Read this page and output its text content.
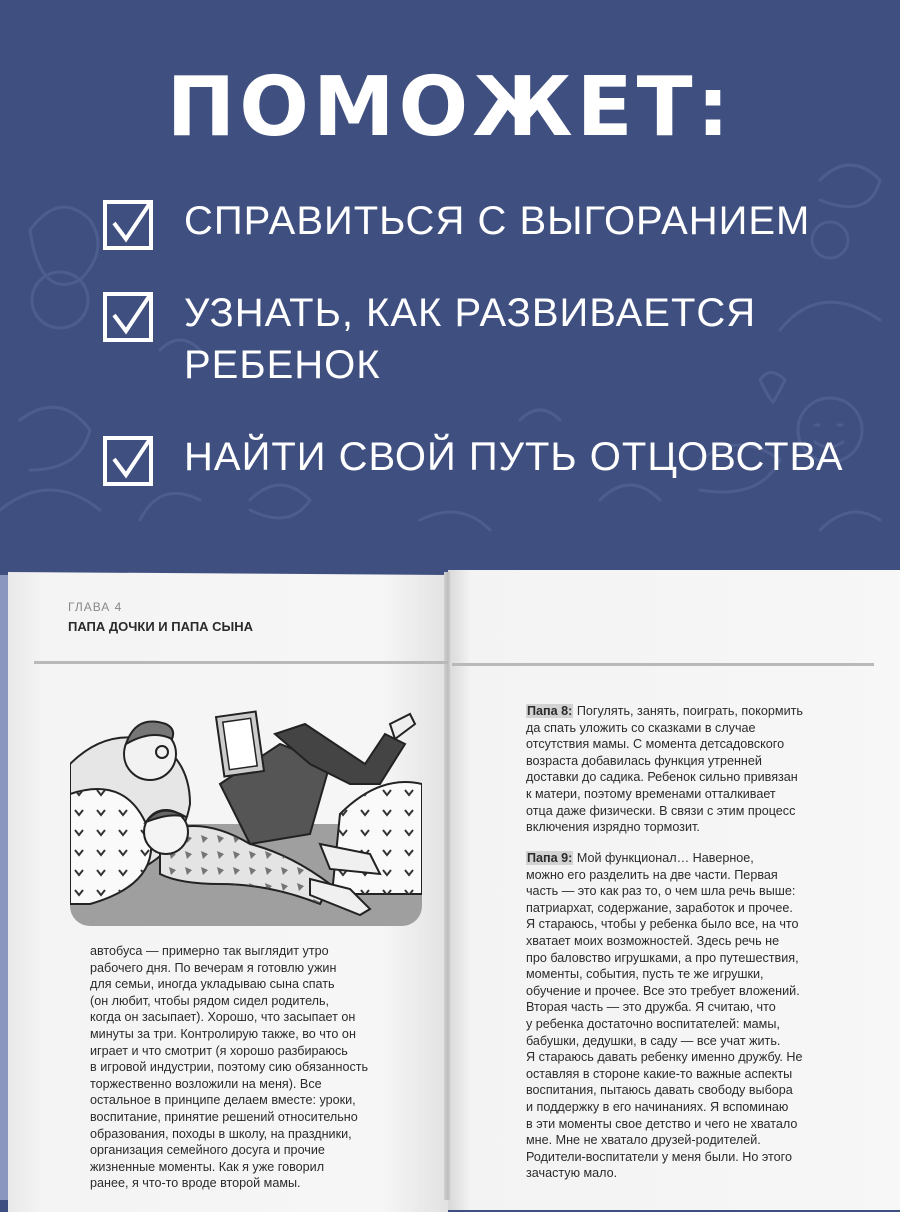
ПОМОЖЕТ:
СПРАВИТЬСЯ С ВЫГОРАНИЕМ
УЗНАТЬ, КАК РАЗВИВАЕТСЯ
РЕБЕНОК
НАЙТИ СВОЙ ПУТЬ ОТЦОВСТВА
ГЛАВА 4
ПАПА ДОЧКИ И ПАПА СЫНА
автобуса — примерно так выглядит утро
рабочего дня. По вечерам я готовлю ужин
для семьи, иногда укладываю сына спать
(он любит, чтобы рядом сидел родитель,
когда он засыпает). Хорошо, что засыпает он
минуты за три. Контролирую также, во что он
играет и что смотрит (я хорошо разбираюсь
в игровой индустрии, поэтому сию обязанность
торжественно возложили на меня). Все
остальное в принципе делаем вместе: уроки,
воспитание, принятие решений относительно
образования, походы в школу, на праздники,
организация семейного досуга и прочие
жизненные моменты. Как я уже говорил
ранее, я что-то вроде второй мамы.
Папа 8: Погулять, занять, поиграть, покормить
да спать уложить со сказками в случае
отсутствия мамы. С момента детсадовского
возраста добавилась функция утренней
доставки до садика. Ребенок сильно привязан
к матери, поэтому временами отталкивает
отца даже физически. В связи с этим процесс
включения изрядно тормозит.
Папа 9: Мой функционал… Наверное,
можно его разделить на две части. Первая
часть — это как раз то, о чем шла речь выше:
патриархат, содержание, заработок и прочее.
Я стараюсь, чтобы у ребенка было все, на что
хватает моих возможностей. Здесь речь не
про баловство игрушками, а про путешествия,
моменты, события, пусть те же игрушки,
обучение и прочее. Все это требует вложений.
Вторая часть — это дружба. Я считаю, что
у ребенка достаточно воспитателей: мамы,
бабушки, дедушки, в саду — все учат жить.
Я стараюсь давать ребенку именно дружбу. Не
оставляя в стороне какие-то важные аспекты
воспитания, пытаюсь давать свободу выбора
и поддержку в его начинаниях. Я вспоминаю
в эти моменты свое детство и чего не хватало
мне. Мне не хватало друзей-родителей.
Родители-воспитатели у меня были. Но этого
зачастую мало.
